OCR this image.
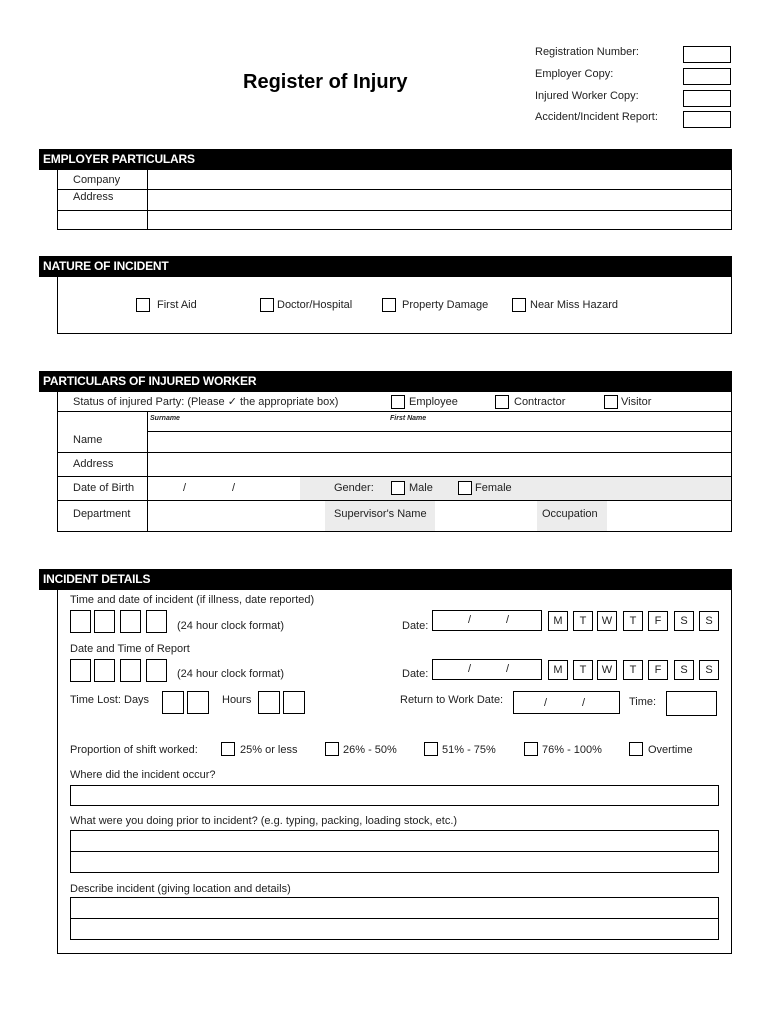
Register of Injury
Registration Number:
Employer Copy:
Injured Worker Copy:
Accident/Incident Report:
EMPLOYER PARTICULARS
Company
Address
NATURE OF INCIDENT
First Aid	Doctor/Hospital	Property Damage	Near Miss Hazard
PARTICULARS OF INJURED WORKER
Status of injured Party: (Please ✓ the appropriate box)	Employee	Contractor	Visitor
Surname	First Name
Name
Address
Date of Birth	/	/	Gender:	Male	Female
Department	Supervisor's Name	Occupation
INCIDENT DETAILS
Time and date of incident (if illness, date reported)
(24 hour clock format)	Date:	/	/	M	T	W	T	F	S	S
Date and Time of Report
(24 hour clock format)	Date:	/	/	M	T	W	T	F	S	S
Time Lost: Days	Hours	Return to Work Date:	/	/	Time:
Proportion of shift worked:	25% or less	26% - 50%	51% - 75%	76% - 100%	Overtime
Where did the incident occur?
What were you doing prior to incident? (e.g. typing, packing, loading stock, etc.)
Describe incident (giving location and details)
